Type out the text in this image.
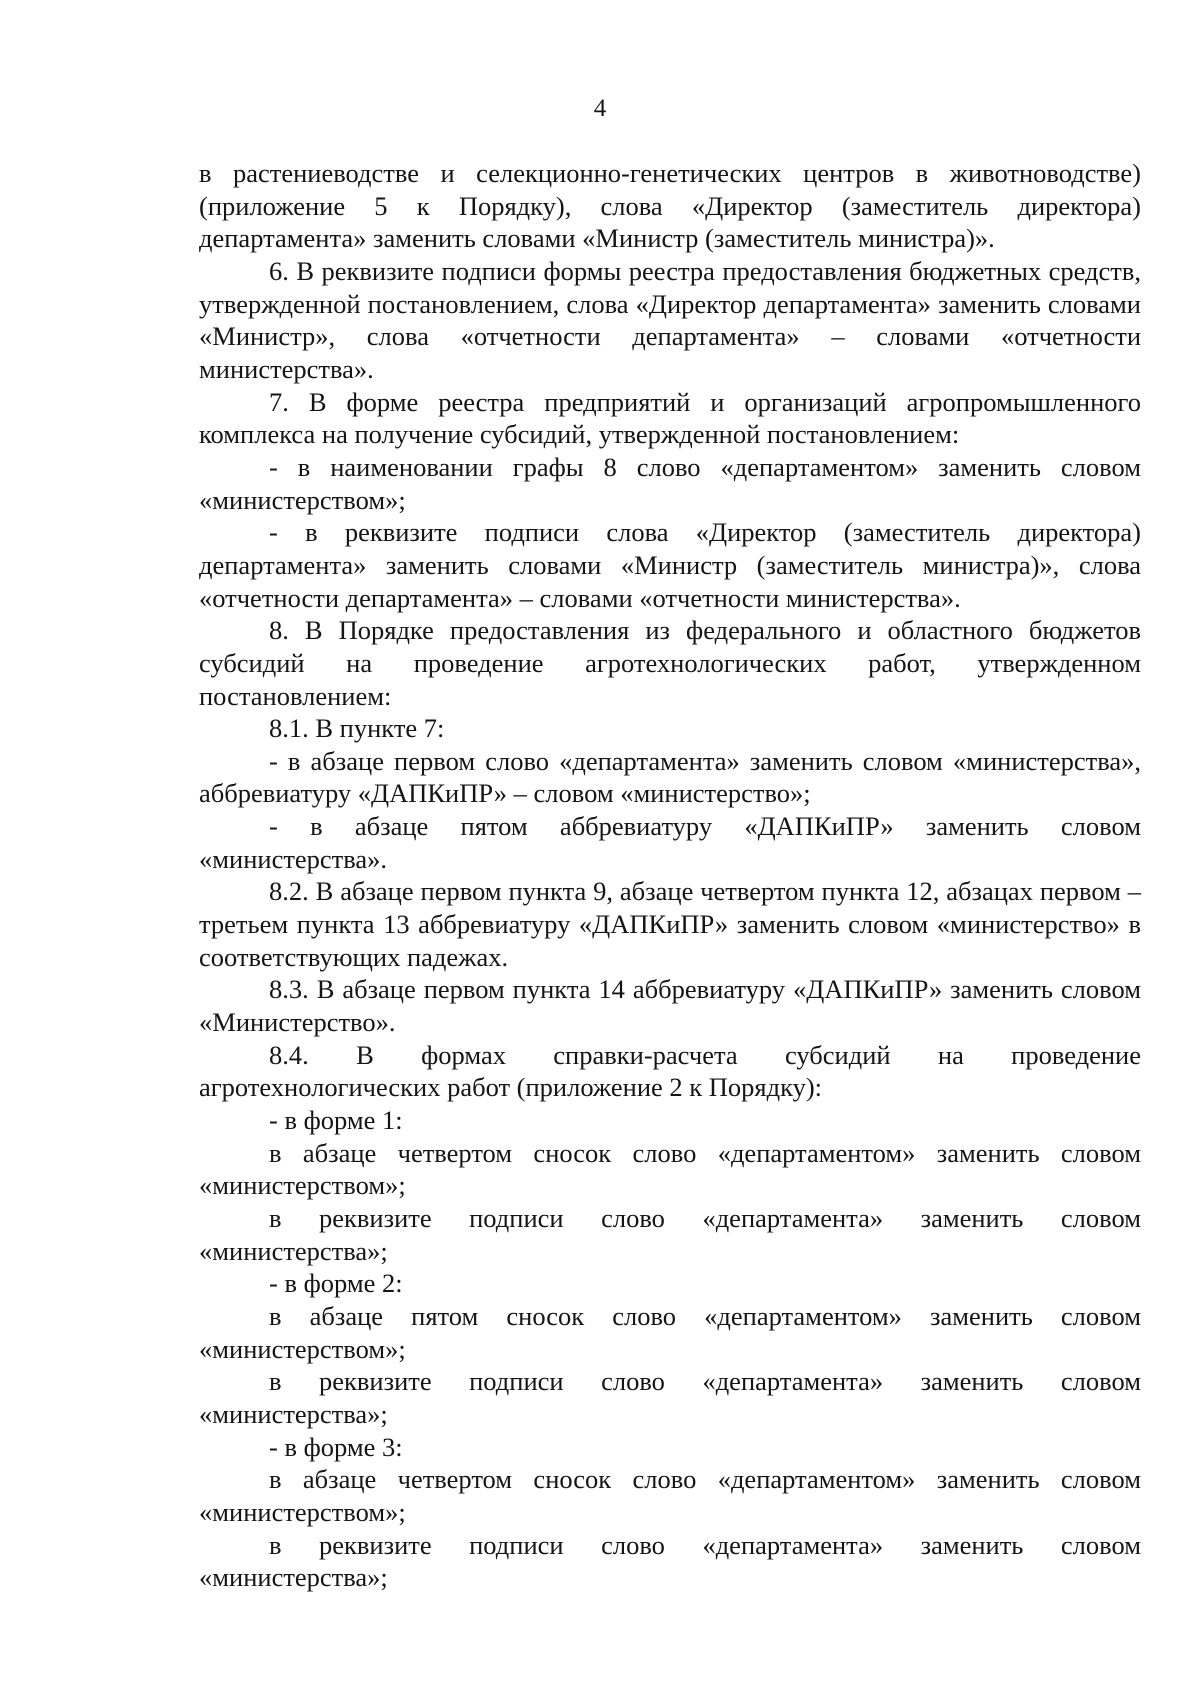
4

в растениеводстве и селекционно-генетических центров в животноводстве) (приложение 5 к Порядку), слова «Директор (заместитель директора) департамента» заменить словами «Министр (заместитель министра)».

6. В реквизите подписи формы реестра предоставления бюджетных средств, утвержденной постановлением, слова «Директор департамента» заменить словами «Министр», слова «отчетности департамента» – словами «отчетности министерства».

7. В форме реестра предприятий и организаций агропромышленного комплекса на получение субсидий, утвержденной постановлением:

- в наименовании графы 8 слово «департаментом» заменить словом «министерством»;

- в реквизите подписи слова «Директор (заместитель директора) департамента» заменить словами «Министр (заместитель министра)», слова «отчетности департамента» – словами «отчетности министерства».

8. В Порядке предоставления из федерального и областного бюджетов субсидий на проведение агротехнологических работ, утвержденном постановлением:

8.1. В пункте 7:

- в абзаце первом слово «департамента» заменить словом «министерства», аббревиатуру «ДАПКиПР» – словом «министерство»;

- в абзаце пятом аббревиатуру «ДАПКиПР» заменить словом «министерства».

8.2. В абзаце первом пункта 9, абзаце четвертом пункта 12, абзацах первом – третьем пункта 13 аббревиатуру «ДАПКиПР» заменить словом «министерство» в соответствующих падежах.

8.3. В абзаце первом пункта 14 аббревиатуру «ДАПКиПР» заменить словом «Министерство».

8.4. В формах справки-расчета субсидий на проведение агротехнологических работ (приложение 2 к Порядку):

- в форме 1:

в абзаце четвертом сносок слово «департаментом» заменить словом «министерством»;

в реквизите подписи слово «департамента» заменить словом «министерства»;

- в форме 2:

в абзаце пятом сносок слово «департаментом» заменить словом «министерством»;

в реквизите подписи слово «департамента» заменить словом «министерства»;

- в форме 3:

в абзаце четвертом сносок слово «департаментом» заменить словом «министерством»;

в реквизите подписи слово «департамента» заменить словом «министерства»;
